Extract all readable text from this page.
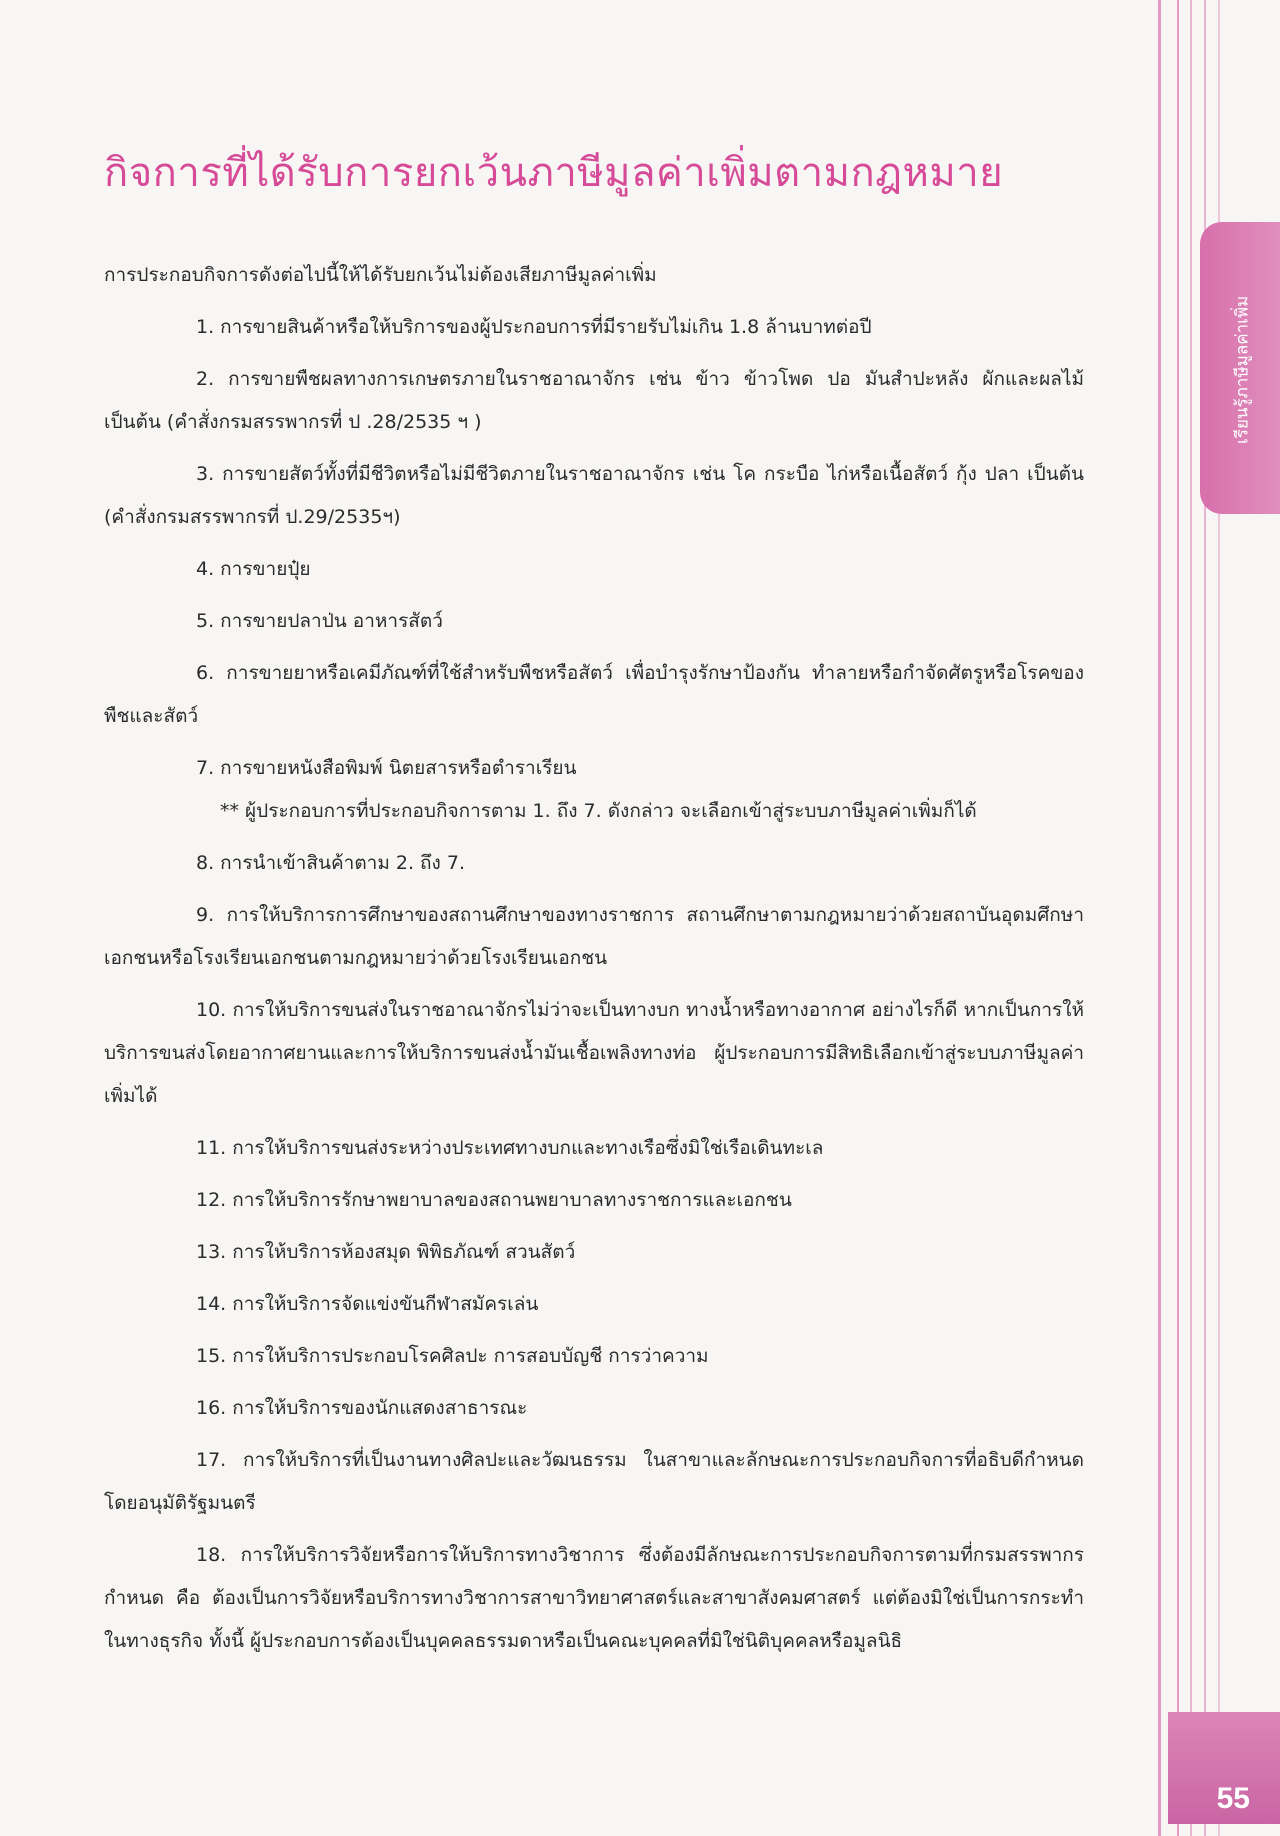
เรียนรู้ภาษีมูลค่าเพิ่ม
กิจการที่ได้รับการยกเว้นภาษีมูลค่าเพิ่มตามกฎหมาย

การประกอบกิจการดังต่อไปนี้ให้ได้รับยกเว้นไม่ต้องเสียภาษีมูลค่าเพิ่ม

1. การขายสินค้าหรือให้บริการของผู้ประกอบการที่มีรายรับไม่เกิน 1.8 ล้านบาทต่อปี

2. การขายพืชผลทางการเกษตรภายในราชอาณาจักร เช่น ข้าว ข้าวโพด ปอ มันสำปะหลัง ผักและผลไม้ เป็นต้น (คำสั่งกรมสรรพากรที่ ป .28/2535 ฯ )

3. การขายสัตว์ทั้งที่มีชีวิตหรือไม่มีชีวิตภายในราชอาณาจักร เช่น โค กระบือ ไก่หรือเนื้อสัตว์ กุ้ง ปลา เป็นต้น (คำสั่งกรมสรรพากรที่ ป.29/2535ฯ)

4. การขายปุ๋ย

5. การขายปลาป่น อาหารสัตว์

6. การขายยาหรือเคมีภัณฑ์ที่ใช้สำหรับพืชหรือสัตว์ เพื่อบำรุงรักษาป้องกัน ทำลายหรือกำจัดศัตรูหรือโรคของพืชและสัตว์

7. การขายหนังสือพิมพ์ นิตยสารหรือตำราเรียน

** ผู้ประกอบการที่ประกอบกิจการตาม 1. ถึง 7. ดังกล่าว จะเลือกเข้าสู่ระบบภาษีมูลค่าเพิ่มก็ได้

8. การนำเข้าสินค้าตาม 2. ถึง 7.

9. การให้บริการการศึกษาของสถานศึกษาของทางราชการ สถานศึกษาตามกฎหมายว่าด้วยสถาบันอุดมศึกษาเอกชนหรือโรงเรียนเอกชนตามกฎหมายว่าด้วยโรงเรียนเอกชน

10. การให้บริการขนส่งในราชอาณาจักรไม่ว่าจะเป็นทางบก ทางน้ำหรือทางอากาศ อย่างไรก็ดี หากเป็นการให้บริการขนส่งโดยอากาศยานและการให้บริการขนส่งน้ำมันเชื้อเพลิงทางท่อ ผู้ประกอบการมีสิทธิเลือกเข้าสู่ระบบภาษีมูลค่าเพิ่มได้

11. การให้บริการขนส่งระหว่างประเทศทางบกและทางเรือซึ่งมิใช่เรือเดินทะเล

12. การให้บริการรักษาพยาบาลของสถานพยาบาลทางราชการและเอกชน

13. การให้บริการห้องสมุด พิพิธภัณฑ์ สวนสัตว์

14. การให้บริการจัดแข่งขันกีฬาสมัครเล่น

15. การให้บริการประกอบโรคศิลปะ การสอบบัญชี การว่าความ

16. การให้บริการของนักแสดงสาธารณะ

17. การให้บริการที่เป็นงานทางศิลปะและวัฒนธรรม ในสาขาและลักษณะการประกอบกิจการที่อธิบดีกำหนดโดยอนุมัติรัฐมนตรี

18. การให้บริการวิจัยหรือการให้บริการทางวิชาการ ซึ่งต้องมีลักษณะการประกอบกิจการตามที่กรมสรรพากรกำหนด คือ ต้องเป็นการวิจัยหรือบริการทางวิชาการสาขาวิทยาศาสตร์และสาขาสังคมศาสตร์ แต่ต้องมิใช่เป็นการกระทำในทางธุรกิจ ทั้งนี้ ผู้ประกอบการต้องเป็นบุคคลธรรมดาหรือเป็นคณะบุคคลที่มิใช่นิติบุคคลหรือมูลนิธิ

55
